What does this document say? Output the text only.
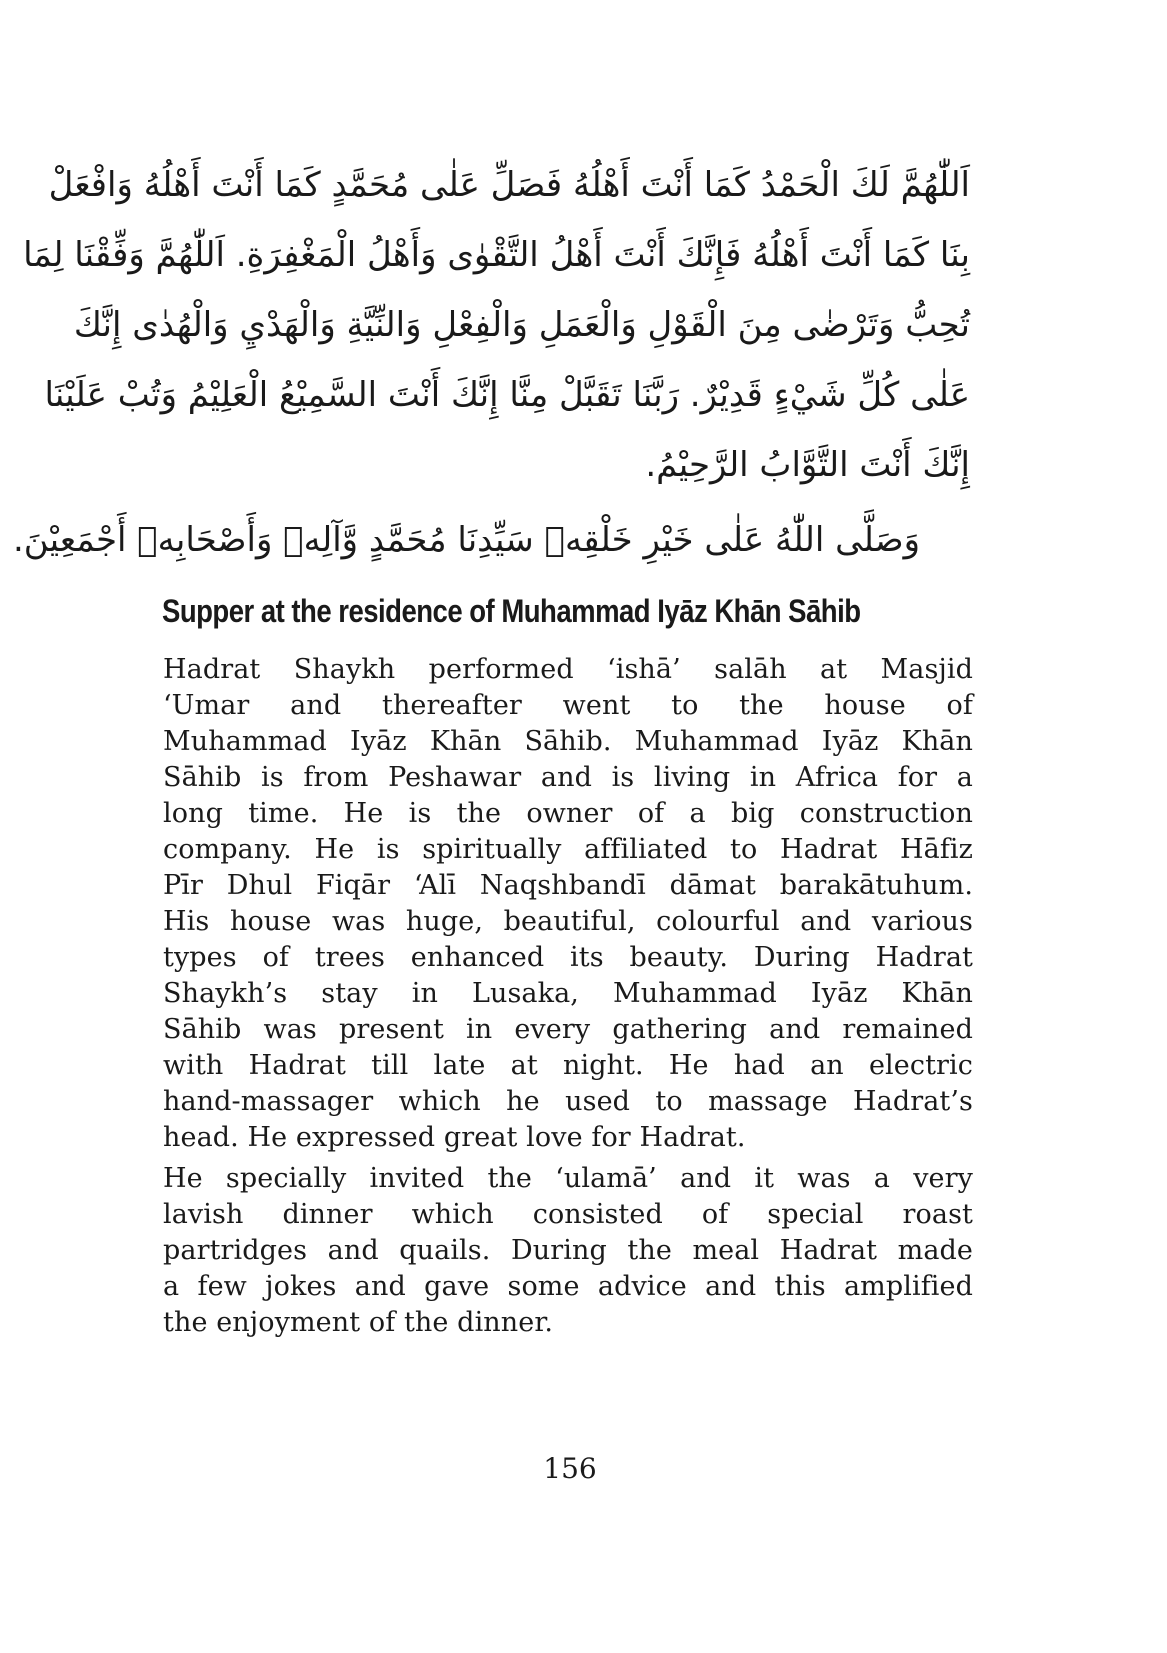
اَللّٰهُمَّ لَكَ الْحَمْدُ كَمَا أَنْتَ أَهْلُهُ فَصَلِّ عَلٰى مُحَمَّدٍ كَمَا أَنْتَ أَهْلُهُ وَافْعَلْ
بِنَا كَمَا أَنْتَ أَهْلُهُ فَإِنَّكَ أَنْتَ أَهْلُ التَّقْوٰى وَأَهْلُ الْمَغْفِرَةِ. اَللّٰهُمَّ وَفِّقْنَا لِمَا
تُحِبُّ وَتَرْضٰى مِنَ الْقَوْلِ وَالْعَمَلِ وَالْفِعْلِ وَالنِّيَّةِ وَالْهَدْيِ وَالْهُدٰى إِنَّكَ
عَلٰى كُلِّ شَيْءٍ قَدِيْرٌ. رَبَّنَا تَقَبَّلْ مِنَّا إِنَّكَ أَنْتَ السَّمِيْعُ الْعَلِيْمُ وَتُبْ عَلَيْنَا
إِنَّكَ أَنْتَ التَّوَّابُ الرَّحِيْمُ.
وَصَلَّى اللّٰهُ عَلٰى خَيْرِ خَلْقِهٖ سَيِّدِنَا مُحَمَّدٍ وَّآلِهٖ وَأَصْحَابِهٖ أَجْمَعِيْنَ.
Supper at the residence of Muhammad Iyāz Khān Sāhib
Hadrat Shaykh performed ‘ishā’ salāh at Masjid
‘Umar and thereafter went to the house of
Muhammad Iyāz Khān Sāhib. Muhammad Iyāz Khān
Sāhib is from Peshawar and is living in Africa for a
long time. He is the owner of a big construction
company. He is spiritually affiliated to Hadrat Hāfiz
Pīr Dhul Fiqār ‘Alī Naqshbandī dāmat barakātuhum.
His house was huge, beautiful, colourful and various
types of trees enhanced its beauty. During Hadrat
Shaykh’s stay in Lusaka, Muhammad Iyāz Khān
Sāhib was present in every gathering and remained
with Hadrat till late at night. He had an electric
hand-massager which he used to massage Hadrat’s
head. He expressed great love for Hadrat.
He specially invited the ‘ulamā’ and it was a very
lavish dinner which consisted of special roast
partridges and quails. During the meal Hadrat made
a few jokes and gave some advice and this amplified
the enjoyment of the dinner.
156
